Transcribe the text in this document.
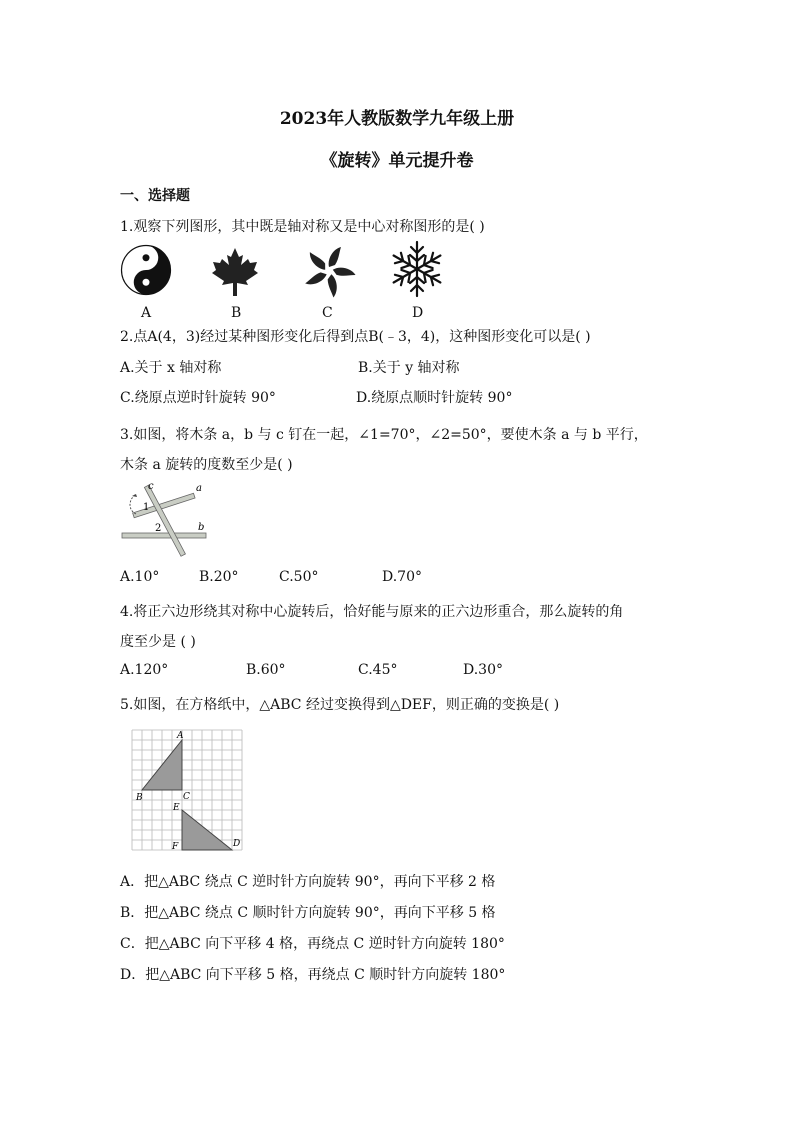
2023年人教版数学九年级上册
《旋转》单元提升卷
一、选择题
1.观察下列图形，其中既是轴对称又是中心对称图形的是( )
A	B	C	D
2.点A(4，3)经过某种图形变化后得到点B(﹣3，4)，这种图形变化可以是( )
A.关于 x 轴对称	B.关于 y 轴对称
C.绕原点逆时针旋转 90°	D.绕原点顺时针旋转 90°
3.如图，将木条 a，b 与 c 钉在一起，∠1=70°，∠2=50°，要使木条 a 与 b 平行，
木条 a 旋转的度数至少是( )
c	a
1
2	b
A.10°	B.20°	C.50°	D.70°
4.将正六边形绕其对称中心旋转后，恰好能与原来的正六边形重合，那么旋转的角
度至少是 ( )
A.120°	B.60°	C.45°	D.30°
5.如图，在方格纸中，△ABC 经过变换得到△DEF，则正确的变换是( )
A
B	C
E
F	D
A．把△ABC 绕点 C 逆时针方向旋转 90°，再向下平移 2 格
B．把△ABC 绕点 C 顺时针方向旋转 90°，再向下平移 5 格
C．把△ABC 向下平移 4 格，再绕点 C 逆时针方向旋转 180°
D．把△ABC 向下平移 5 格，再绕点 C 顺时针方向旋转 180°
